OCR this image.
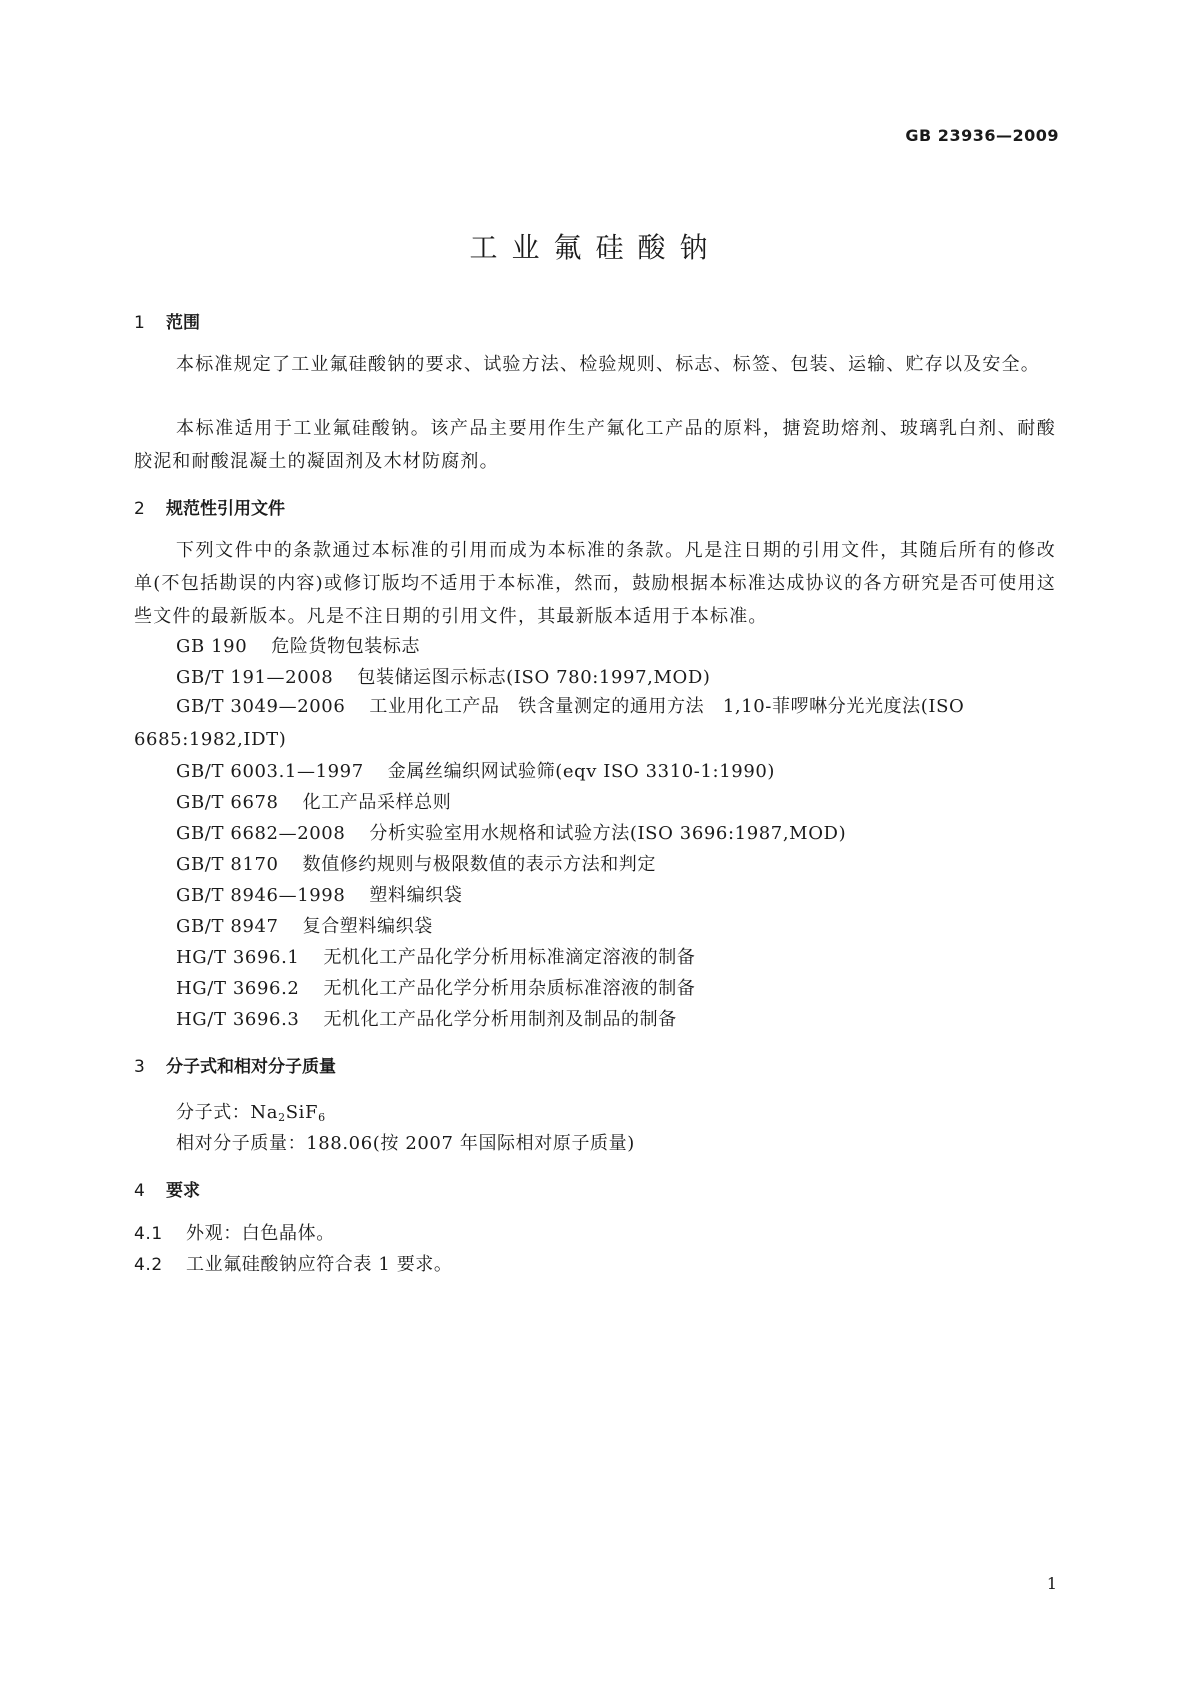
GB 23936—2009
工业氟硅酸钠
1 范围
本标准规定了工业氟硅酸钠的要求、试验方法、检验规则、标志、标签、包装、运输、贮存以及安全。
本标准适用于工业氟硅酸钠。该产品主要用作生产氟化工产品的原料，搪瓷助熔剂、玻璃乳白剂、耐酸胶泥和耐酸混凝土的凝固剂及木材防腐剂。
2 规范性引用文件
下列文件中的条款通过本标准的引用而成为本标准的条款。凡是注日期的引用文件，其随后所有的修改单(不包括勘误的内容)或修订版均不适用于本标准，然而，鼓励根据本标准达成协议的各方研究是否可使用这些文件的最新版本。凡是不注日期的引用文件，其最新版本适用于本标准。
GB 190 危险货物包装标志
GB/T 191—2008 包装储运图示标志(ISO 780:1997,MOD)
GB/T 3049—2006 工业用化工产品　铁含量测定的通用方法　1,10-菲啰啉分光光度法(ISO 6685:1982,IDT)
GB/T 6003.1—1997 金属丝编织网试验筛(eqv ISO 3310-1:1990)
GB/T 6678 化工产品采样总则
GB/T 6682—2008 分析实验室用水规格和试验方法(ISO 3696:1987,MOD)
GB/T 8170 数值修约规则与极限数值的表示方法和判定
GB/T 8946—1998 塑料编织袋
GB/T 8947 复合塑料编织袋
HG/T 3696.1 无机化工产品化学分析用标准滴定溶液的制备
HG/T 3696.2 无机化工产品化学分析用杂质标准溶液的制备
HG/T 3696.3 无机化工产品化学分析用制剂及制品的制备
3 分子式和相对分子质量
分子式：$Na_2SiF_6$
相对分子质量：188.06(按 2007 年国际相对原子质量)
4 要求
4.1 外观：白色晶体。
4.2 工业氟硅酸钠应符合表 1 要求。
1
